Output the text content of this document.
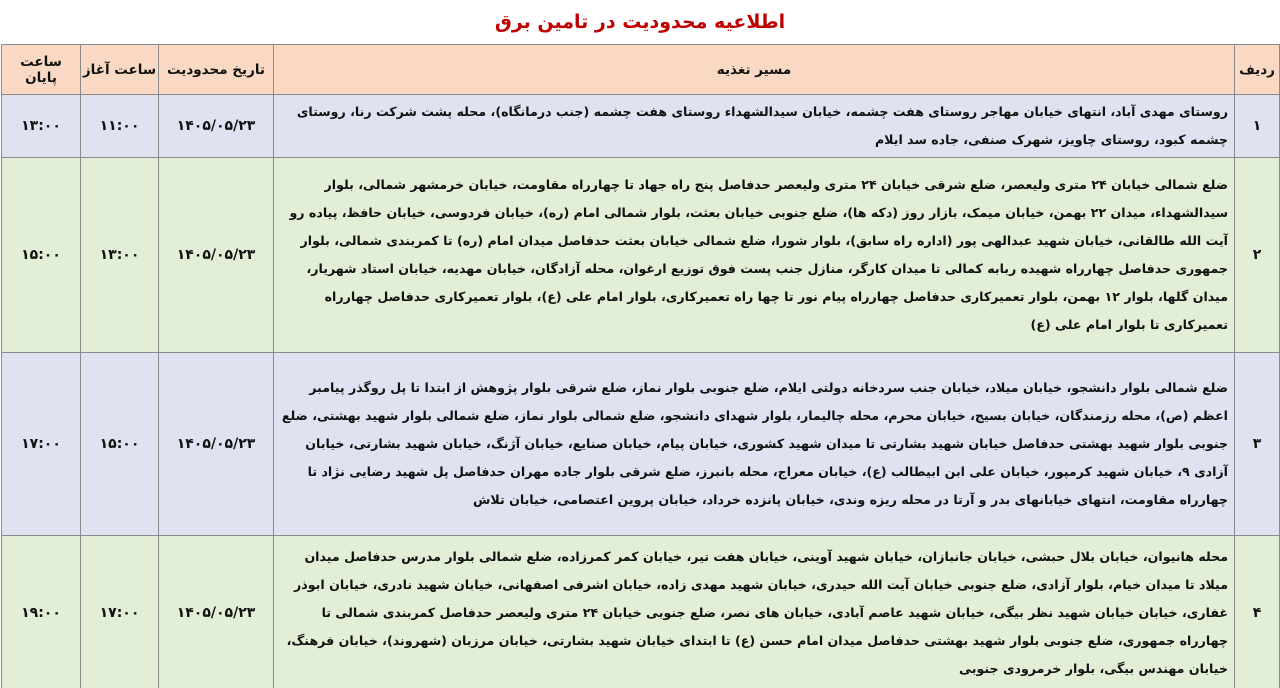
اطلاعیه محدودیت در تامین برق
ردیف	مسیر تغذیه	تاریخ محدودیت	ساعت آغاز	ساعت پایان
۱	روستای مهدی آباد، انتهای خیابان مهاجر روستای هفت چشمه، خیابان سیدالشهداء روستای هفت چشمه (جنب درمانگاه)، محله پشت شرکت رنا، روستای چشمه کبود، روستای چاویز، شهرک صنفی، جاده سد ایلام	۱۴۰۵/۰۵/۲۳	۱۱:۰۰	۱۳:۰۰
۲	ضلع شمالی خیابان ۲۴ متری ولیعصر، ضلع شرقی خیابان ۲۴ متری ولیعصر حدفاصل پنج راه جهاد تا چهارراه مقاومت، خیابان خرمشهر شمالی، بلوار سیدالشهداء، میدان ۲۲ بهمن، خیابان میمک، بازار روز (دکه ها)، ضلع جنوبی خیابان بعثت، بلوار شمالی امام (ره)، خیابان فردوسی، خیابان حافظ، پیاده رو آیت الله طالقانی، خیابان شهید عبدالهی پور (اداره راه سابق)، بلوار شورا، ضلع شمالی خیابان بعثت حدفاصل میدان امام (ره) تا کمربندی شمالی، بلوار جمهوری حدفاصل چهارراه شهیده ربابه کمالی تا میدان کارگر، منازل جنب پست فوق توزیع ارغوان، محله آزادگان، خیابان مهدیه، خیابان استاد شهریار، میدان گلها، بلوار ۱۲ بهمن، بلوار تعمیرکاری حدفاصل چهارراه پیام نور تا چها راه تعمیرکاری، بلوار امام علی (ع)، بلوار تعمیرکاری حدفاصل چهارراه تعمیرکاری تا بلوار امام علی (ع)	۱۴۰۵/۰۵/۲۳	۱۳:۰۰	۱۵:۰۰
۳	ضلع شمالی بلوار دانشجو، خیابان میلاد، خیابان جنب سردخانه دولتی ایلام، ضلع جنوبی بلوار نماز، ضلع شرقی بلوار پژوهش از ابتدا تا پل روگذر پیامبر اعظم (ص)، محله رزمندگان، خیابان بسیج، خیابان محرم، محله چالیمار، بلوار شهدای دانشجو، ضلع شمالی بلوار نماز، ضلع شمالی بلوار شهید بهشتی، ضلع جنوبی بلوار شهید بهشتی حدفاصل خیابان شهید بشارتی تا میدان شهید کشوری، خیابان پیام، خیابان صنایع، خیابان آژنگ، خیابان شهید بشارتی، خیابان آزادی ۹، خیابان شهید کرمپور، خیابان علی ابن ابیطالب (ع)، خیابان معراج، محله بانبرز، ضلع شرقی بلوار جاده مهران حدفاصل پل شهید رضایی نژاد تا چهارراه مقاومت، انتهای خیابانهای بدر و آرتا در محله ریزه وندی، خیابان پانزده خرداد، خیابان پروین اعتصامی، خیابان تلاش	۱۴۰۵/۰۵/۲۳	۱۵:۰۰	۱۷:۰۰
۴	محله هانیوان، خیابان بلال حبشی، خیابان جانبازان، خیابان شهید آوینی، خیابان هفت تیر، خیابان کمر کمرزاده، ضلع شمالی بلوار مدرس حدفاصل میدان میلاد تا میدان خیام، بلوار آزادی، ضلع جنوبی خیابان آیت الله حیدری، خیابان شهید مهدی زاده، خیابان اشرفی اصفهانی، خیابان شهید نادری، خیابان ابوذر غفاری، خیابان خیابان شهید نظر بیگی، خیابان شهید عاصم آبادی، خیابان های نصر، ضلع جنوبی خیابان ۲۴ متری ولیعصر حدفاصل کمربندی شمالی تا چهارراه جمهوری، ضلع جنوبی بلوار شهید بهشتی حدفاصل میدان امام حسن (ع) تا ابتدای خیابان شهید بشارتی، خیابان مرزبان (شهروند)، خیابان فرهنگ، خیابان مهندس بیگی، بلوار خرمرودی جنوبی	۱۴۰۵/۰۵/۲۳	۱۷:۰۰	۱۹:۰۰
